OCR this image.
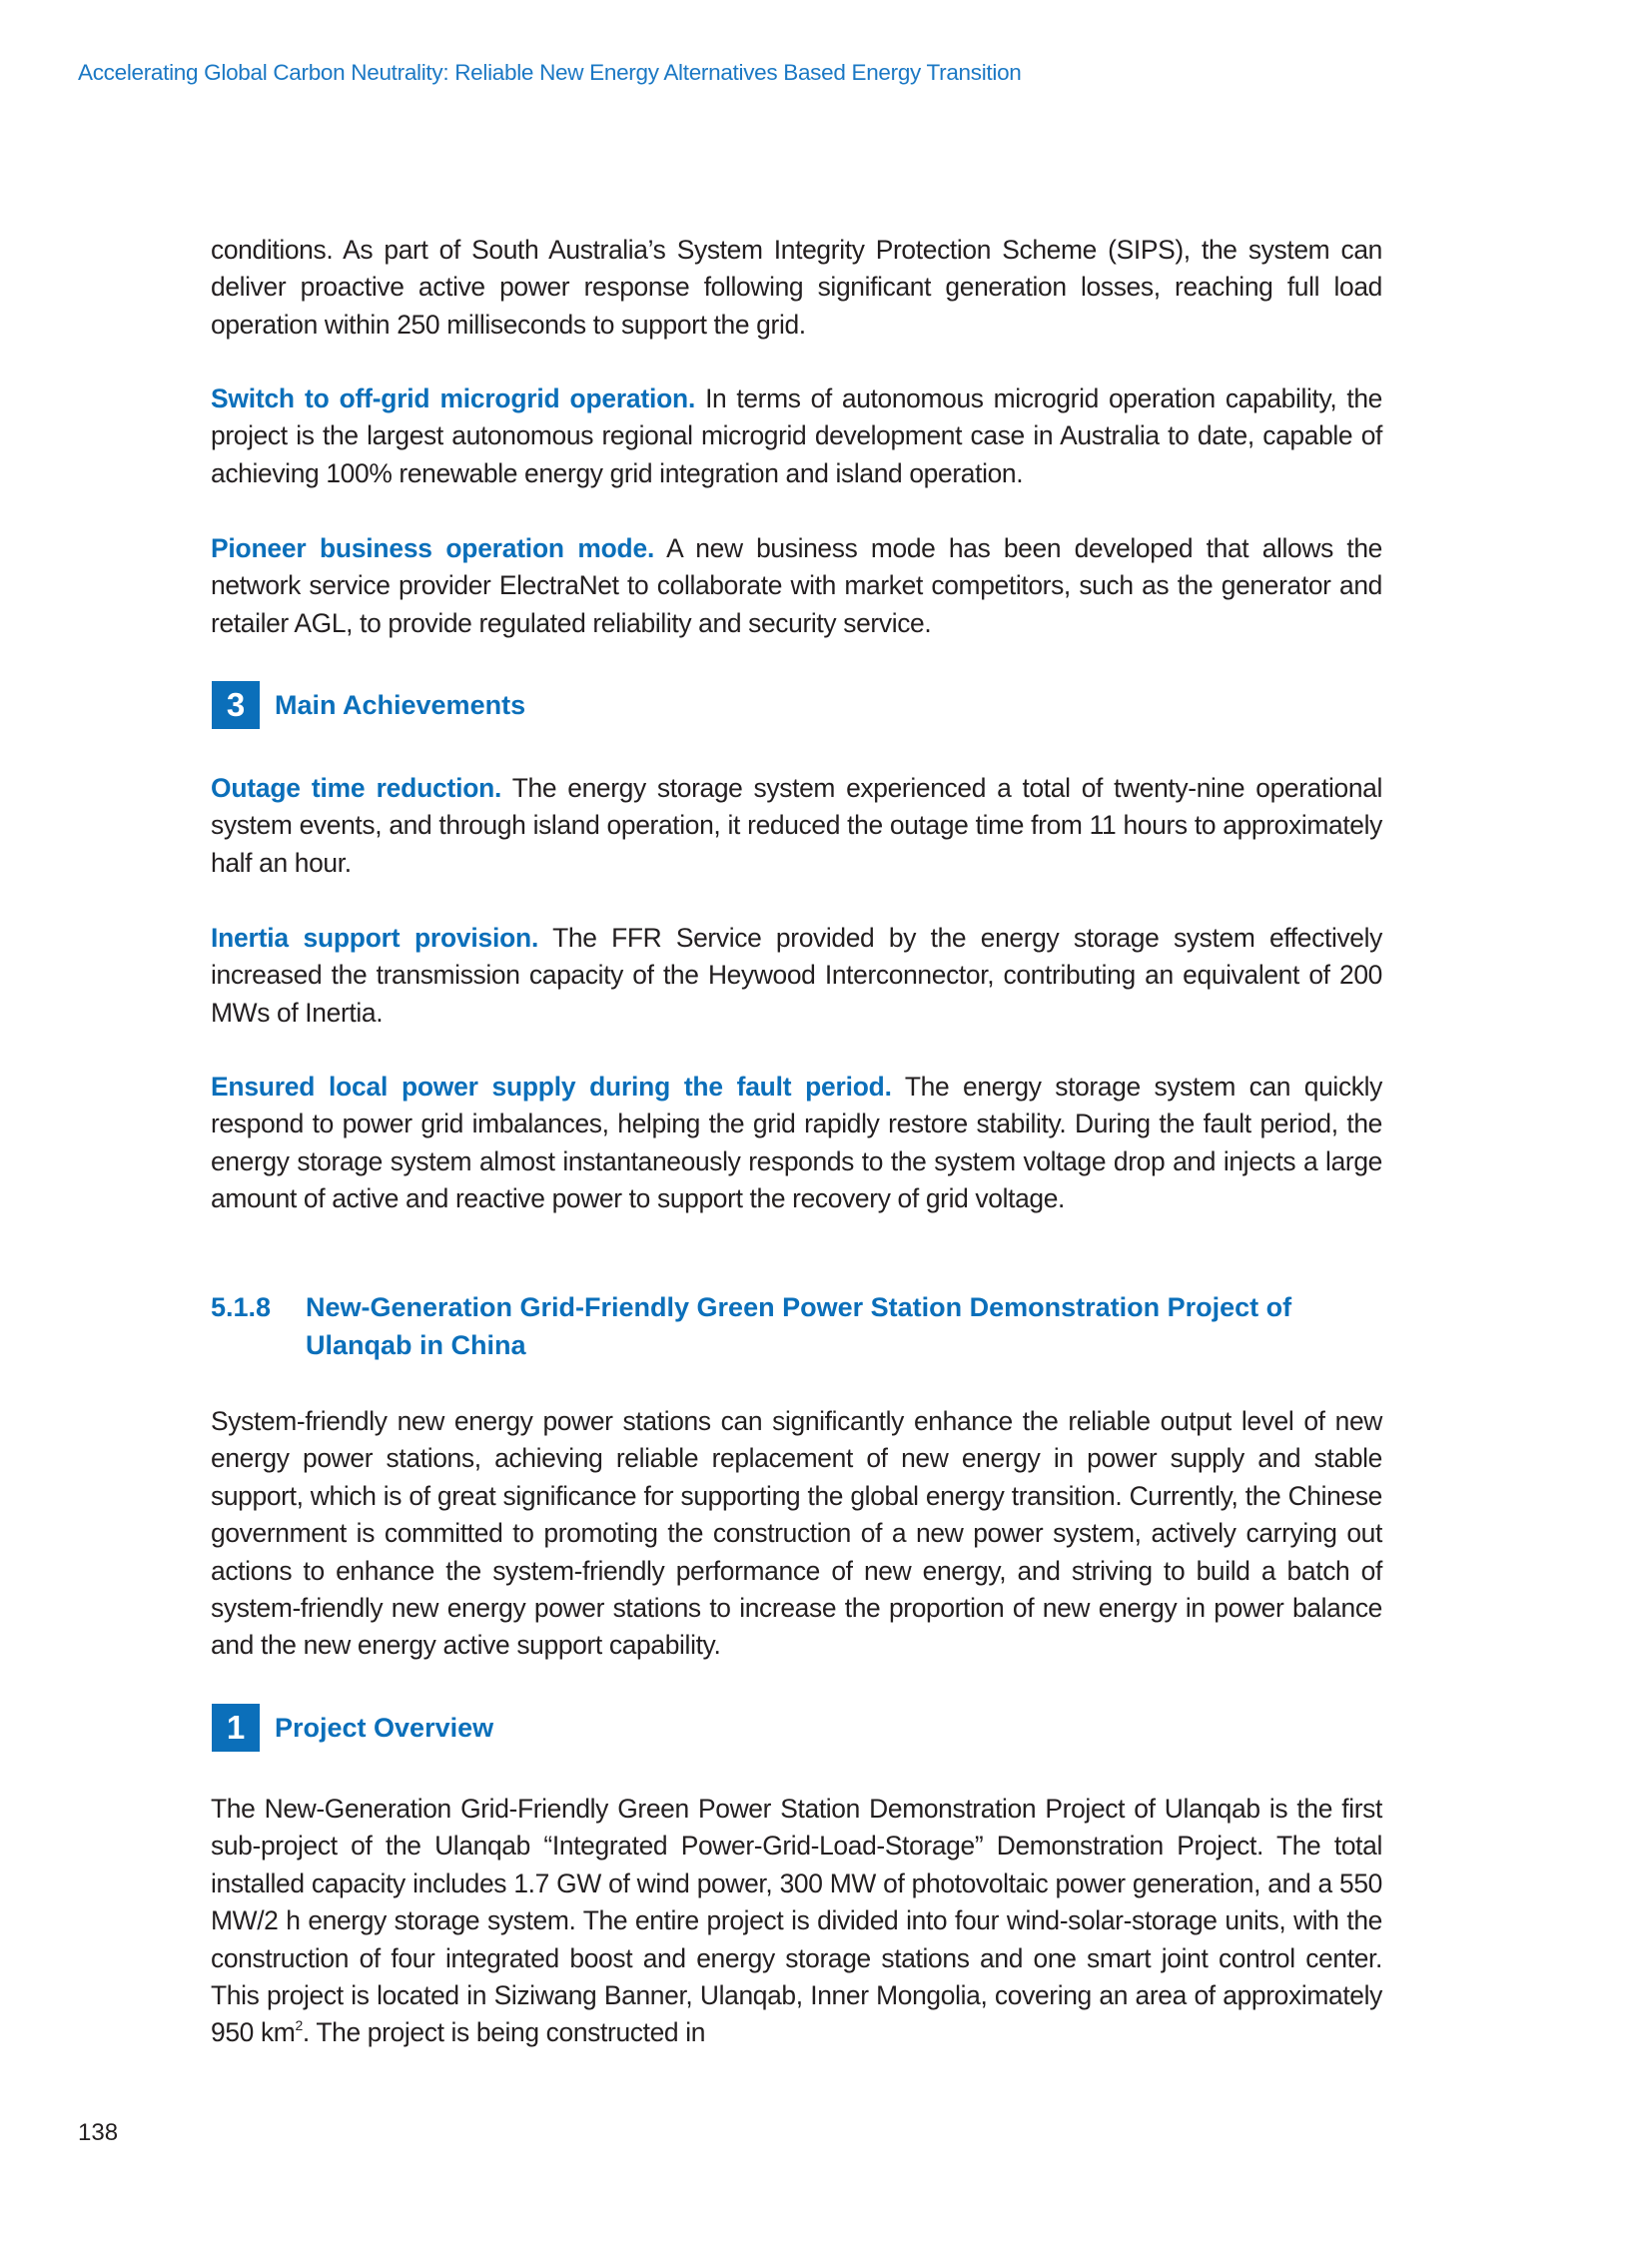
Accelerating Global Carbon Neutrality: Reliable New Energy Alternatives Based Energy Transition

conditions. As part of South Australia’s System Integrity Protection Scheme (SIPS), the system can deliver proactive active power response following significant generation losses, reaching full load operation within 250 milliseconds to support the grid.

Switch to off-grid microgrid operation. In terms of autonomous microgrid operation capability, the project is the largest autonomous regional microgrid development case in Australia to date, capable of achieving 100% renewable energy grid integration and island operation.

Pioneer business operation mode. A new business mode has been developed that allows the network service provider ElectraNet to collaborate with market competitors, such as the generator and retailer AGL, to provide regulated reliability and security service.

3	Main Achievements

Outage time reduction. The energy storage system experienced a total of twenty-nine operational system events, and through island operation, it reduced the outage time from 11 hours to approximately half an hour.

Inertia support provision. The FFR Service provided by the energy storage system effectively increased the transmission capacity of the Heywood Interconnector, contributing an equivalent of 200 MWs of Inertia.

Ensured local power supply during the fault period. The energy storage system can quickly respond to power grid imbalances, helping the grid rapidly restore stability. During the fault period, the energy storage system almost instantaneously responds to the system voltage drop and injects a large amount of active and reactive power to support the recovery of grid voltage.

5.1.8	New-Generation Grid-Friendly Green Power Station Demonstration Project of Ulanqab in China

System-friendly new energy power stations can significantly enhance the reliable output level of new energy power stations, achieving reliable replacement of new energy in power supply and stable support, which is of great significance for supporting the global energy transition. Currently, the Chinese government is committed to promoting the construction of a new power system, actively carrying out actions to enhance the system-friendly performance of new energy, and striving to build a batch of system-friendly new energy power stations to increase the proportion of new energy in power balance and the new energy active support capability.

1	Project Overview

The New-Generation Grid-Friendly Green Power Station Demonstration Project of Ulanqab is the first sub-project of the Ulanqab “Integrated Power-Grid-Load-Storage” Demonstration Project. The total installed capacity includes 1.7 GW of wind power, 300 MW of photovoltaic power generation, and a 550 MW/2 h energy storage system. The entire project is divided into four wind-solar-storage units, with the construction of four integrated boost and energy storage stations and one smart joint control center. This project is located in Siziwang Banner, Ulanqab, Inner Mongolia, covering an area of approximately 950 $km^2$. The project is being constructed in

138
